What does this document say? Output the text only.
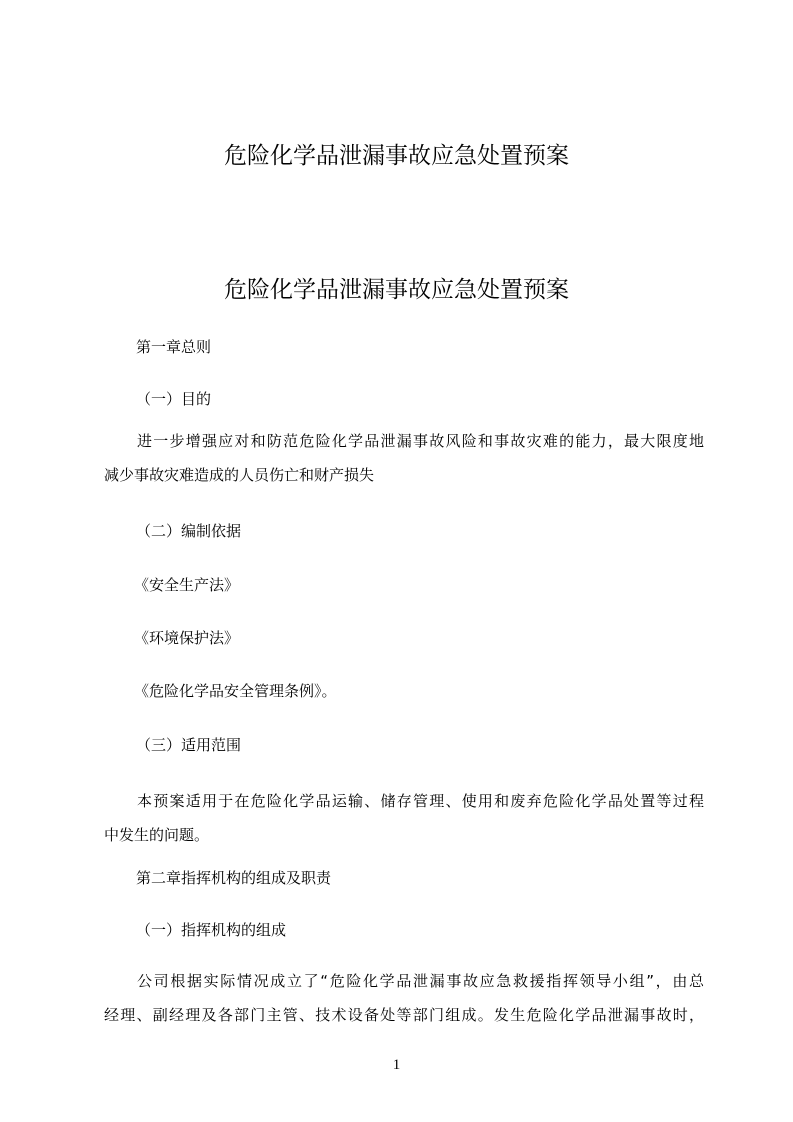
危险化学品泄漏事故应急处置预案
危险化学品泄漏事故应急处置预案

第一章总则

（一）目的

进一步增强应对和防范危险化学品泄漏事故风险和事故灾难的能力，最大限度地
减少事故灾难造成的人员伤亡和财产损失

（二）编制依据

《安全生产法》

《环境保护法》

《危险化学品安全管理条例》。

（三）适用范围

本预案适用于在危险化学品运输、储存管理、使用和废弃危险化学品处置等过程
中发生的问题。

第二章指挥机构的组成及职责

（一）指挥机构的组成

公司根据实际情况成立了“危险化学品泄漏事故应急救援指挥领导小组”，由总
经理、副经理及各部门主管、技术设备处等部门组成。发生危险化学品泄漏事故时，
1
